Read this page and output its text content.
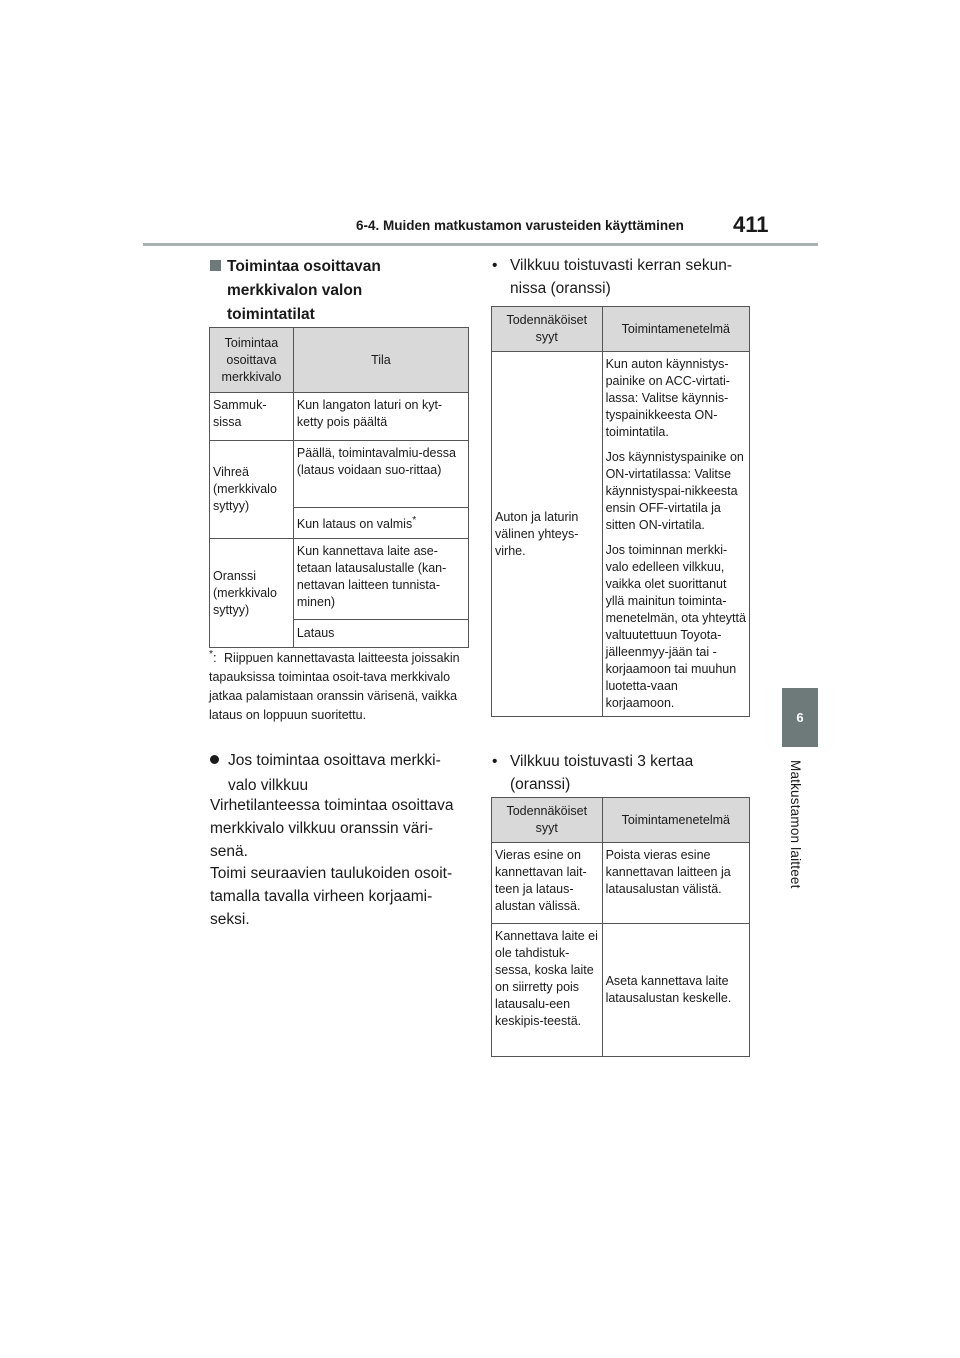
6-4. Muiden matkustamon varusteiden käyttäminen 411
6
Matkustamon laitteet
Toimintaa osoittavan
merkkivalon valon
toimintatilat
Toimintaa osoittava merkkivalo	Tila
Sammuk-sissa	Kun langaton laturi on kyt-ketty pois päältä
Vihreä (merkkivalo syttyy)	Päällä, toimintavalmiu-dessa (lataus voidaan suo-rittaa)
	Kun lataus on valmis*
Oranssi (merkkivalo syttyy)	Kun kannettava laite ase-tetaan latausalustalle (kan-nettavan laitteen tunnista-minen)
	Lataus
*: Riippuen kannettavasta laitteesta joissakin tapauksissa toimintaa osoit-tava merkkivalo jatkaa palamistaan oranssin värisenä, vaikka lataus on loppuun suoritettu.
Jos toimintaa osoittava merkki-
valo vilkkuu
Virhetilanteessa toimintaa osoittava merkkivalo vilkkuu oranssin väri-senä.
Toimi seuraavien taulukoiden osoit-tamalla tavalla virheen korjaami-seksi.
• Vilkkuu toistuvasti kerran sekun-
nissa (oranssi)
Todennäköiset syyt	Toimintamenetelmä
Auton ja laturin välinen yhteys-virhe.	Kun auton käynnistys-painike on ACC-virtati-lassa: Valitse käynnis-tyspainikkeesta ON-toimintatila.

Jos käynnistyspainike on ON-virtatilassa: Valitse käynnistyspai-nikkeesta ensin OFF-virtatila ja sitten ON-virtatila.

Jos toiminnan merkki-valo edelleen vilkkuu, vaikka olet suorittanut yllä mainitun toiminta-menetelmän, ota yhteyttä valtuutettuun Toyota-jälleenmyy-jään tai -korjaamoon tai muuhun luotetta-vaan korjaamoon.

• Vilkkuu toistuvasti 3 kertaa
(oranssi)
Todennäköiset syyt	Toimintamenetelmä
Vieras esine on kannettavan lait-teen ja lataus-alustan välissä.	Poista vieras esine kannettavan laitteen ja latausalustan välistä.
Kannettava laite ei ole tahdistuk-sessa, koska laite on siirretty pois latausalu-een keskipis-teestä.	Aseta kannettava laite latausalustan keskelle.
